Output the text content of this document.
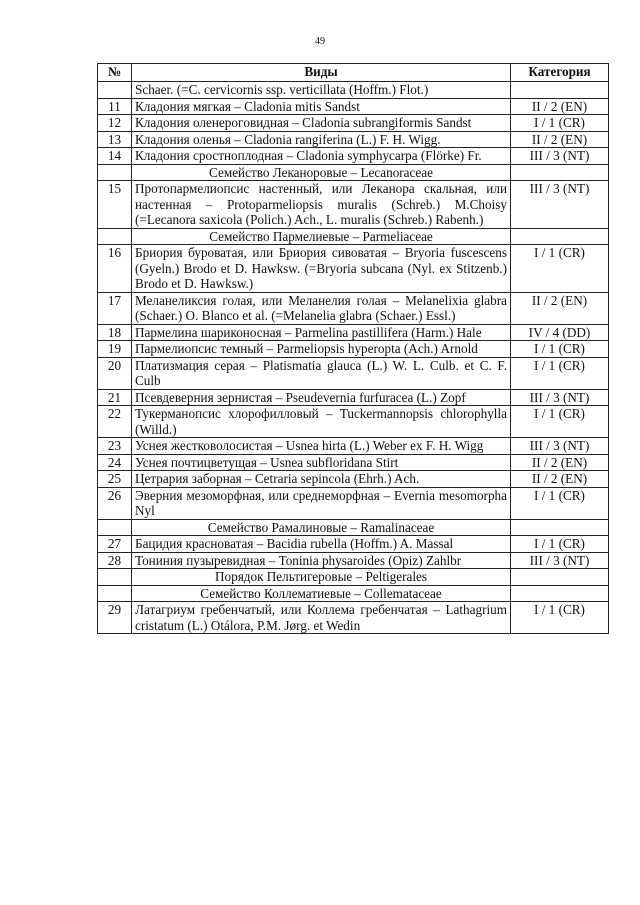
49
№	Виды	Категория
	Schaer. (=C. cervicornis ssp. verticillata (Hoffm.) Flot.)	
11	Кладония мягкая – Cladonia mitis Sandst	II / 2 (EN)
12	Кладония оленерогoвидная – Cladonia subrangiformis Sandst	I / 1 (CR)
13	Кладония оленья – Cladonia rangiferina (L.) F. H. Wigg.	II / 2 (EN)
14	Кладония сростноплодная – Cladonia symphycarpa (Flörke) Fr.	III / 3 (NT)
	Семейство Леканоровые – Lecanoraceae	
15	Протопармелиопсис настенный, или Леканора скальная, или настенная – Protoparmeliopsis muralis (Schreb.) M.Choisy (=Lecanora saxicola (Polich.) Ach., L. muralis (Schreb.) Rabenh.)	III / 3 (NT)
	Семейство Пармелиевые – Parmeliaceae	
16	Бриория буроватая, или Бриория сивоватая – Bryoria fuscescens (Gyeln.) Brodo et D. Hawksw. (=Bryoria subcana (Nyl. ex Stitzenb.) Brodo et D. Hawksw.)	I / 1 (CR)
17	Меланеликсия голая, или Меланелия голая – Melanelixia glabra (Schaer.) O. Blanco et al. (=Melanelia glabra (Schaer.) Essl.)	II / 2 (EN)
18	Пармелина шариконосная – Parmelina pastillifera (Harm.) Hale	IV / 4 (DD)
19	Пармелиопсис темный – Parmeliopsis hyperopta (Ach.) Arnold	I / 1 (CR)
20	Платизмация серая – Platismatia glauca (L.) W. L. Culb. et C. F. Culb	I / 1 (CR)
21	Псевдеверния зернистая – Pseudevernia furfuracea (L.) Zopf	III / 3 (NT)
22	Тукерманопсис хлорофилловый – Tuckermannopsis chlorophylla (Willd.)	I / 1 (CR)
23	Уснея жестковолосистая – Usnea hirta (L.) Weber ex F. H. Wigg	III / 3 (NT)
24	Уснея почтицветущая – Usnea subfloridana Stirt	II / 2 (EN)
25	Цетрария заборная – Cetraria sepincola (Ehrh.) Ach.	II / 2 (EN)
26	Эверния мезоморфная, или среднеморфная – Evernia mesomorpha Nyl	I / 1 (CR)
	Семейство Рамалиновые – Ramalinaceae	
27	Бацидия красноватая – Bacidia rubella (Hoffm.) A. Massal	I / 1 (CR)
28	Тониния пузыревидная – Toninia physaroides (Opiz) Zahlbr	III / 3 (NT)
	Порядок Пельтигеровые – Peltigerales	
	Семейство Коллематиевые – Collemataceae	
29	Латагриум гребенчатый, или Коллема гребенчатая – Lathagrium cristatum (L.) Otálora, P.M. Jørg. et Wedin	I / 1 (CR)
